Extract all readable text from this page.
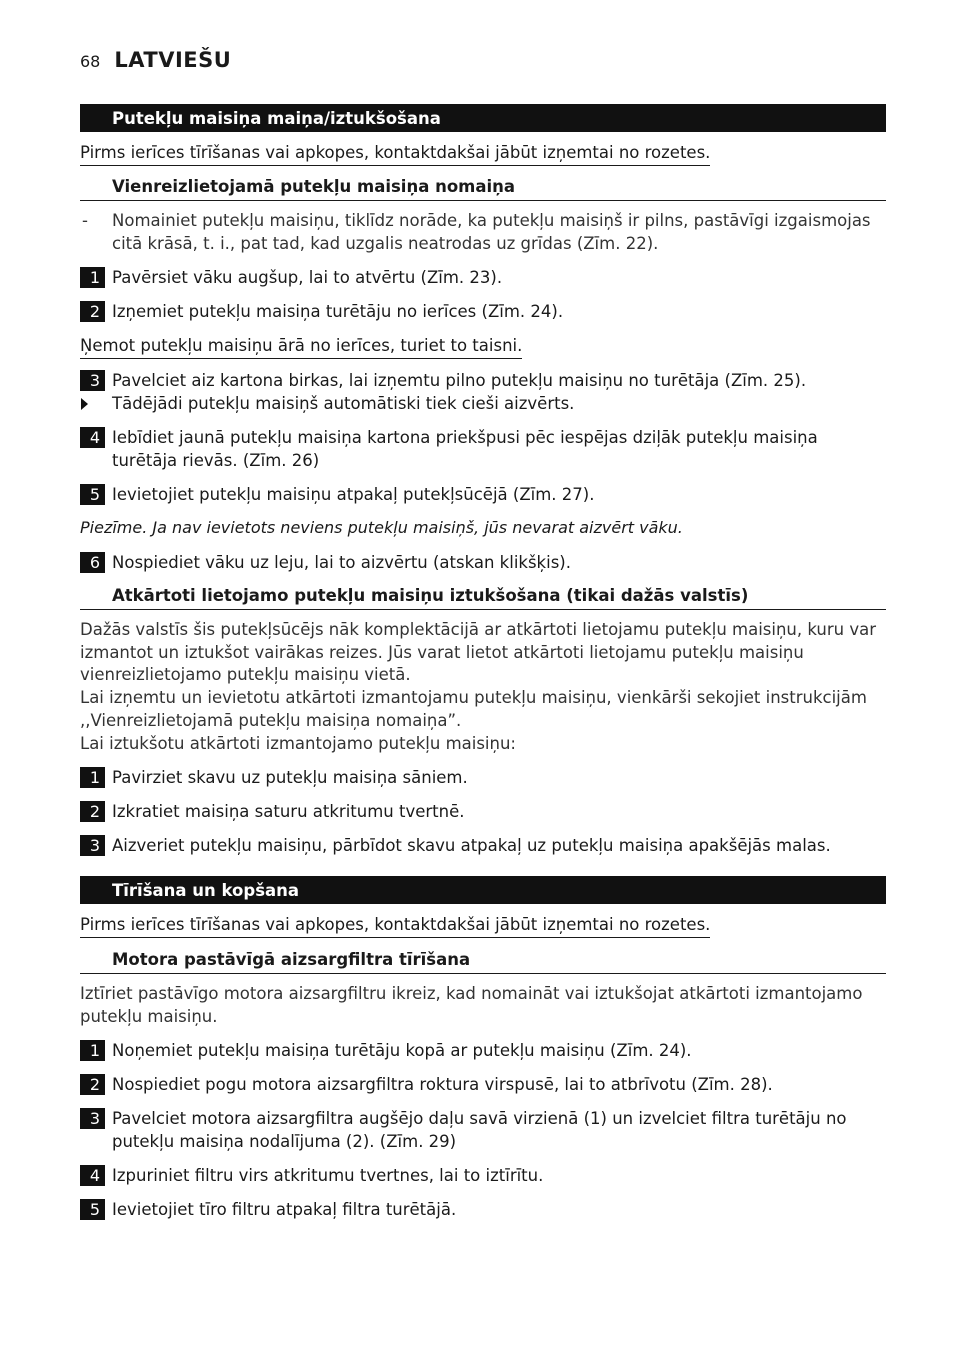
68 LATVIEŠU
Putekļu maisiņa maiņa/iztukšošana
Pirms ierīces tīrīšanas vai apkopes, kontaktdakšai jābūt izņemtai no rozetes.
Vienreizlietojamā putekļu maisiņa nomaiņa
- Nomainiet putekļu maisiņu, tiklīdz norāde, ka putekļu maisiņš ir pilns, pastāvīgi izgaismojas citā krāsā, t. i., pat tad, kad uzgalis neatrodas uz grīdas (Zīm. 22).
1 Pavērsiet vāku augšup, lai to atvērtu (Zīm. 23).
2 Izņemiet putekļu maisiņa turētāju no ierīces (Zīm. 24).
Ņemot putekļu maisiņu ārā no ierīces, turiet to taisni.
3 Pavelciet aiz kartona birkas, lai izņemtu pilno putekļu maisiņu no turētāja (Zīm. 25).
Tādējādi putekļu maisiņš automātiski tiek cieši aizvērts.
4 Iebīdiet jaunā putekļu maisiņa kartona priekšpusi pēc iespējas dziļāk putekļu maisiņa turētāja rievās. (Zīm. 26)
5 Ievietojiet putekļu maisiņu atpakaļ putekļsūcējā (Zīm. 27).
Piezīme. Ja nav ievietots neviens putekļu maisiņš, jūs nevarat aizvērt vāku.
6 Nospiediet vāku uz leju, lai to aizvērtu (atskan klikšķis).
Atkārtoti lietojamo putekļu maisiņu iztukšošana (tikai dažās valstīs)
Dažās valstīs šis putekļsūcējs nāk komplektācijā ar atkārtoti lietojamu putekļu maisiņu, kuru var izmantot un iztukšot vairākas reizes. Jūs varat lietot atkārtoti lietojamu putekļu maisiņu vienreizlietojamo putekļu maisiņu vietā.
Lai izņemtu un ievietotu atkārtoti izmantojamu putekļu maisiņu, vienkārši sekojiet instrukcijām ,,Vienreizlietojamā putekļu maisiņa nomaiņa”.
Lai iztukšotu atkārtoti izmantojamo putekļu maisiņu:
1 Pavirziet skavu uz putekļu maisiņa sāniem.
2 Izkratiet maisiņa saturu atkritumu tvertnē.
3 Aizveriet putekļu maisiņu, pārbīdot skavu atpakaļ uz putekļu maisiņa apakšējās malas.
Tīrīšana un kopšana
Pirms ierīces tīrīšanas vai apkopes, kontaktdakšai jābūt izņemtai no rozetes.
Motora pastāvīgā aizsargfiltra tīrīšana
Iztīriet pastāvīgo motora aizsargfiltru ikreiz, kad nomaināt vai iztukšojat atkārtoti izmantojamo putekļu maisiņu.
1 Noņemiet putekļu maisiņa turētāju kopā ar putekļu maisiņu (Zīm. 24).
2 Nospiediet pogu motora aizsargfiltra roktura virspusē, lai to atbrīvotu (Zīm. 28).
3 Pavelciet motora aizsargfiltra augšējo daļu savā virzienā (1) un izvelciet filtra turētāju no putekļu maisiņa nodalījuma (2). (Zīm. 29)
4 Izpuriniet filtru virs atkritumu tvertnes, lai to iztīrītu.
5 Ievietojiet tīro filtru atpakaļ filtra turētājā.
